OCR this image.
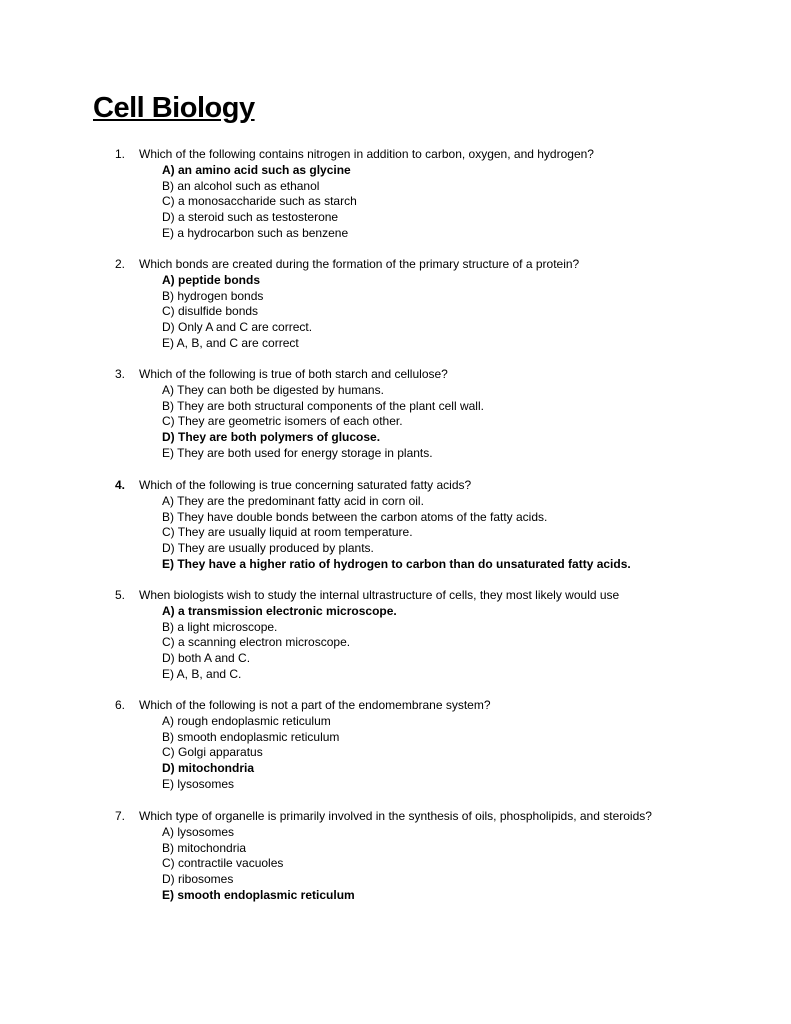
Cell Biology
1. Which of the following contains nitrogen in addition to carbon, oxygen, and hydrogen?
A) an amino acid such as glycine
B) an alcohol such as ethanol
C) a monosaccharide such as starch
D) a steroid such as testosterone
E) a hydrocarbon such as benzene
2. Which bonds are created during the formation of the primary structure of a protein?
A) peptide bonds
B) hydrogen bonds
C) disulfide bonds
D) Only A and C are correct.
E) A, B, and C are correct
3. Which of the following is true of both starch and cellulose?
A) They can both be digested by humans.
B) They are both structural components of the plant cell wall.
C) They are geometric isomers of each other.
D) They are both polymers of glucose.
E) They are both used for energy storage in plants.
4. Which of the following is true concerning saturated fatty acids?
A) They are the predominant fatty acid in corn oil.
B) They have double bonds between the carbon atoms of the fatty acids.
C) They are usually liquid at room temperature.
D) They are usually produced by plants.
E) They have a higher ratio of hydrogen to carbon than do unsaturated fatty acids.
5. When biologists wish to study the internal ultrastructure of cells, they most likely would use
A) a transmission electronic microscope.
B) a light microscope.
C) a scanning electron microscope.
D) both A and C.
E) A, B, and C.
6. Which of the following is not a part of the endomembrane system?
A) rough endoplasmic reticulum
B) smooth endoplasmic reticulum
C) Golgi apparatus
D) mitochondria
E) lysosomes
7. Which type of organelle is primarily involved in the synthesis of oils, phospholipids, and steroids?
A) lysosomes
B) mitochondria
C) contractile vacuoles
D) ribosomes
E) smooth endoplasmic reticulum
